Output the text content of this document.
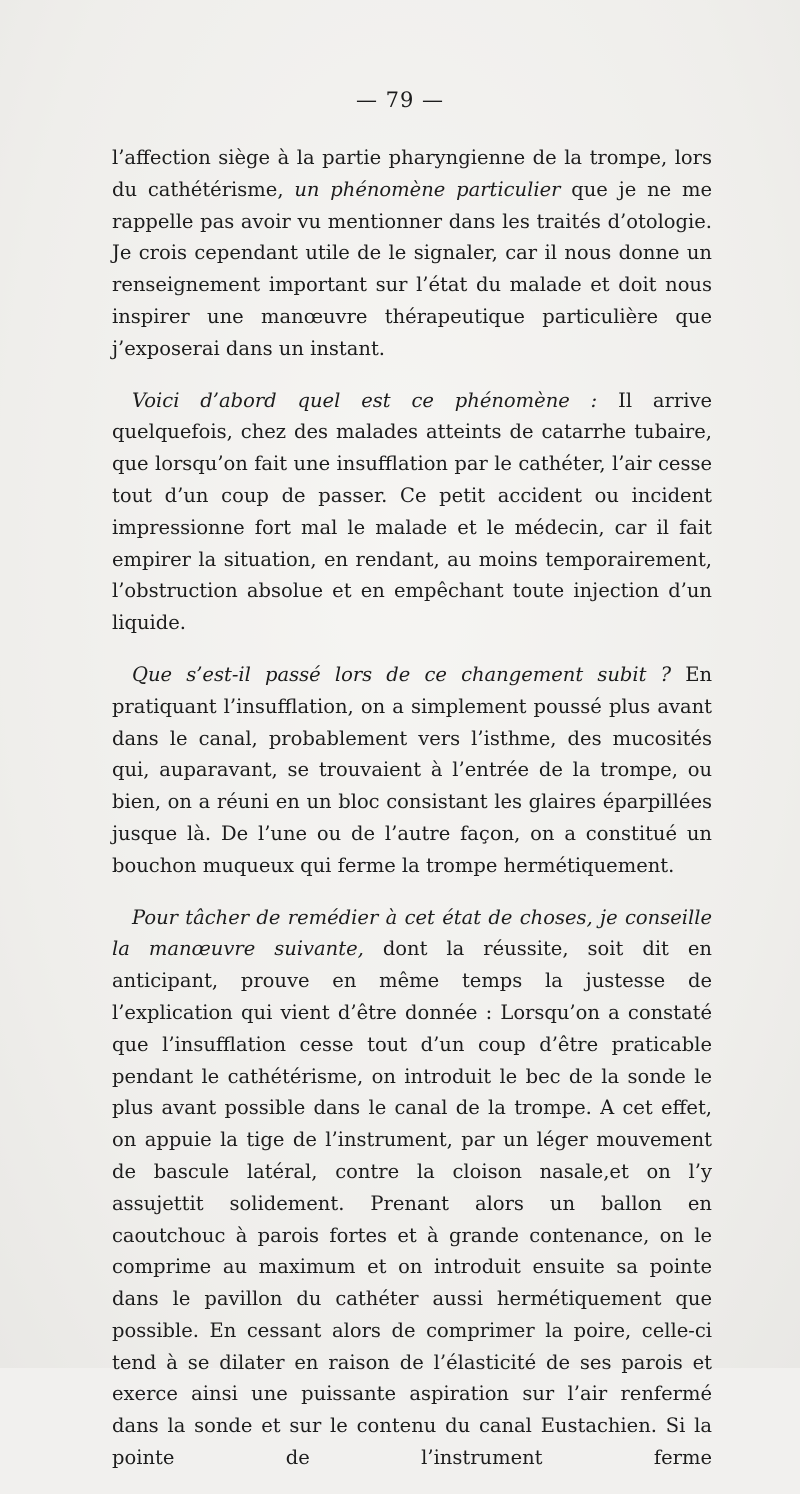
— 79 —

l’affection siège à la partie pharyngienne de la trompe, lors du cathétérisme, un phénomène particulier que je ne me rappelle pas avoir vu mentionner dans les traités d’otologie. Je crois cependant utile de le signaler, car il nous donne un renseignement important sur l’état du malade et doit nous inspirer une manœuvre thérapeutique particulière que j’exposerai dans un instant.

Voici d’abord quel est ce phénomène : Il arrive quelquefois, chez des malades atteints de catarrhe tubaire, que lorsqu’on fait une insufflation par le cathéter, l’air cesse tout d’un coup de passer. Ce petit accident ou incident impressionne fort mal le malade et le médecin, car il fait empirer la situation, en rendant, au moins temporairement, l’obstruction absolue et en empêchant toute injection d’un liquide.

Que s’est-il passé lors de ce changement subit ? En pratiquant l’insufflation, on a simplement poussé plus avant dans le canal, probablement vers l’isthme, des mucosités qui, auparavant, se trouvaient à l’entrée de la trompe, ou bien, on a réuni en un bloc consistant les glaires éparpillées jusque là. De l’une ou de l’autre façon, on a constitué un bouchon muqueux qui ferme la trompe hermétiquement.

Pour tâcher de remédier à cet état de choses, je conseille la manœuvre suivante, dont la réussite, soit dit en anticipant, prouve en même temps la justesse de l’explication qui vient d’être donnée : Lorsqu’on a constaté que l’insufflation cesse tout d’un coup d’être praticable pendant le cathétérisme, on introduit le bec de la sonde le plus avant possible dans le canal de la trompe. A cet effet, on appuie la tige de l’instrument, par un léger mouvement de bascule latéral, contre la cloison nasale,et on l’y assujettit solidement. Prenant alors un ballon en caoutchouc à parois fortes et à grande contenance, on le comprime au maximum et on introduit ensuite sa pointe dans le pavillon du cathéter aussi hermétiquement que possible. En cessant alors de comprimer la poire, celle-ci tend à se dilater en raison de l’élasticité de ses parois et exerce ainsi une puissante aspiration sur l’air renfermé dans la sonde et sur le contenu du canal Eustachien. Si la pointe de l’instrument ferme
